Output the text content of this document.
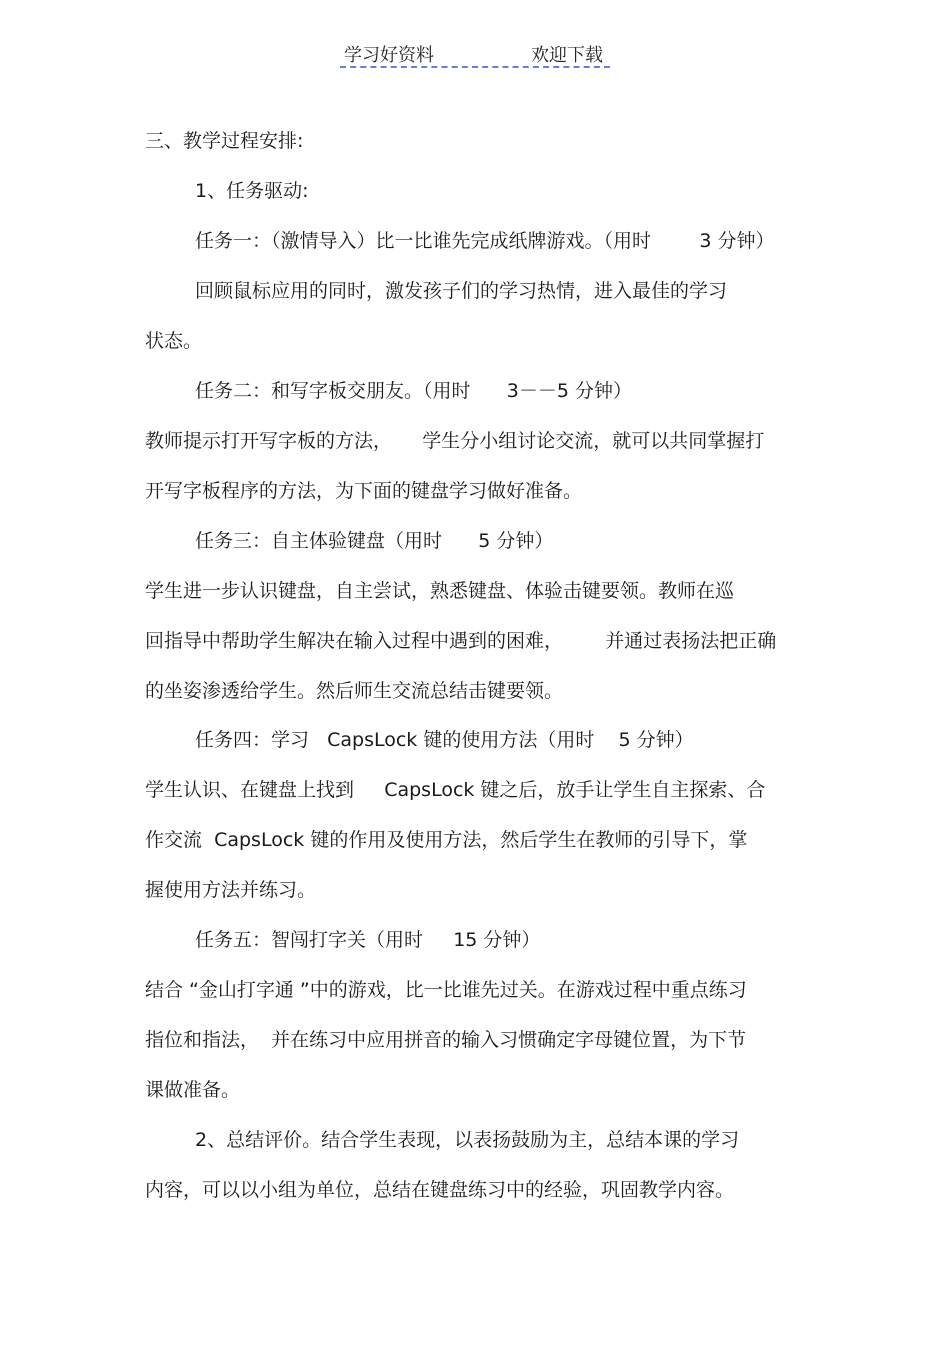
学习好资料	欢迎下载
三、教学过程安排:
1、任务驱动:
任务一：（激情导入）比一比谁先完成纸牌游戏。（用时        3 分钟）
回顾鼠标应用的同时，激发孩子们的学习热情，进入最佳的学习
状态。
任务二：和写字板交朋友。（用时      3－－5 分钟）
教师提示打开写字板的方法，     学生分小组讨论交流，就可以共同掌握打
开写字板程序的方法，为下面的键盘学习做好准备。
任务三：自主体验键盘（用时      5 分钟）
学生进一步认识键盘，自主尝试，熟悉键盘、体验击键要领。教师在巡
回指导中帮助学生解决在输入过程中遇到的困难，       并通过表扬法把正确
的坐姿渗透给学生。然后师生交流总结击键要领。
任务四：学习   CapsLock 键的使用方法（用时    5 分钟）
学生认识、在键盘上找到     CapsLock 键之后，放手让学生自主探索、合
作交流  CapsLock 键的作用及使用方法，然后学生在教师的引导下，掌
握使用方法并练习。
任务五：智闯打字关（用时     15 分钟）
结合 “金山打字通 ”中的游戏，比一比谁先过关。在游戏过程中重点练习
指位和指法，  并在练习中应用拼音的输入习惯确定字母键位置，为下节
课做准备。
2、总结评价。结合学生表现，以表扬鼓励为主，总结本课的学习
内容，可以以小组为单位，总结在键盘练习中的经验，巩固教学内容。
